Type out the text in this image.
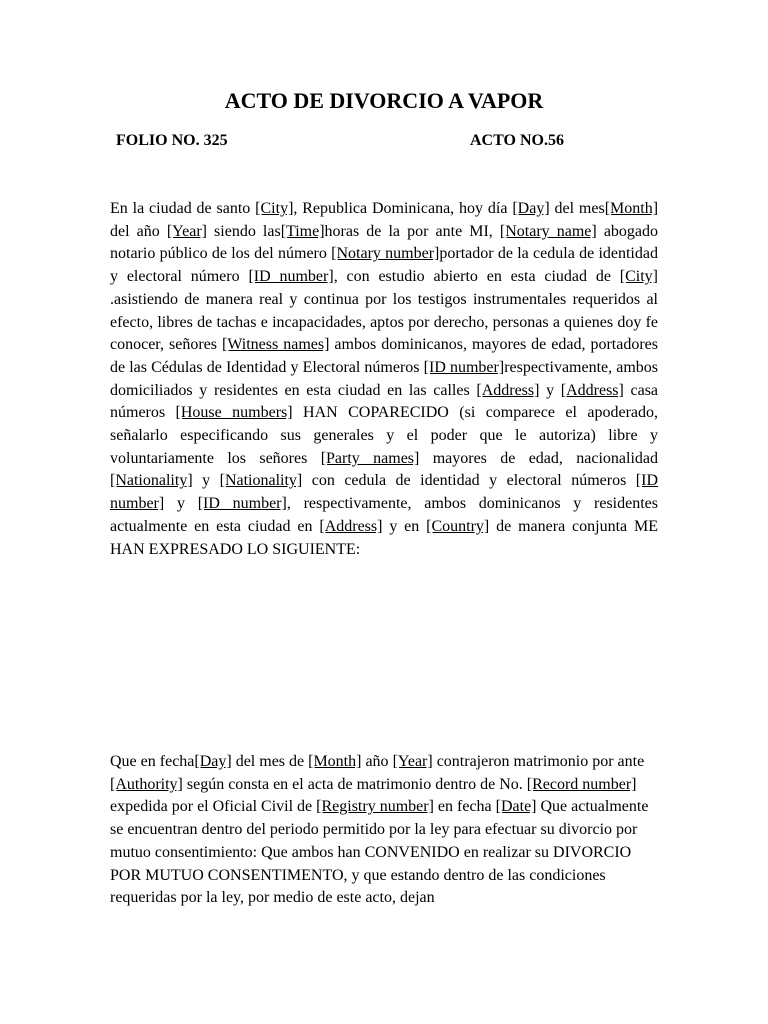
ACTO DE DIVORCIO A VAPOR
FOLIO NO. 325	ACTO NO.56

En la ciudad de santo [City], Republica Dominicana, hoy día [Day] del mes[Month] del año [Year] siendo las[Time]horas de la por ante MI, [Notary name] abogado notario público de los del número [Notary number]portador de la cedula de identidad y electoral número [ID number], con estudio abierto en esta ciudad de [City] .asistiendo de manera real y continua por los testigos instrumentales requeridos al efecto, libres de tachas e incapacidades, aptos por derecho, personas a quienes doy fe conocer, señores [Witness names] ambos dominicanos, mayores de edad, portadores de las Cédulas de Identidad y Electoral números [ID number]respectivamente, ambos domiciliados y residentes en esta ciudad en las calles [Address] y [Address] casa números [House numbers] HAN COPARECIDO (si comparece el apoderado, señalarlo especificando sus generales y el poder que le autoriza) libre y voluntariamente los señores [Party names] mayores de edad, nacionalidad [Nationality] y [Nationality] con cedula de identidad y electoral números [ID number] y [ID number], respectivamente, ambos dominicanos y residentes actualmente en esta ciudad en [Address] y en [Country] de manera conjunta ME HAN EXPRESADO LO SIGUIENTE:

Que en fecha[Day] del mes de [Month] año [Year] contrajeron matrimonio por ante [Authority] según consta en el acta de matrimonio dentro de No. [Record number] expedida por el Oficial Civil de [Registry number] en fecha [Date] Que actualmente se encuentran dentro del periodo permitido por la ley para efectuar su divorcio por mutuo consentimiento: Que ambos han CONVENIDO en realizar su DIVORCIO POR MUTUO CONSENTIMENTO, y que estando dentro de las condiciones requeridas por la ley, por medio de este acto, dejan
